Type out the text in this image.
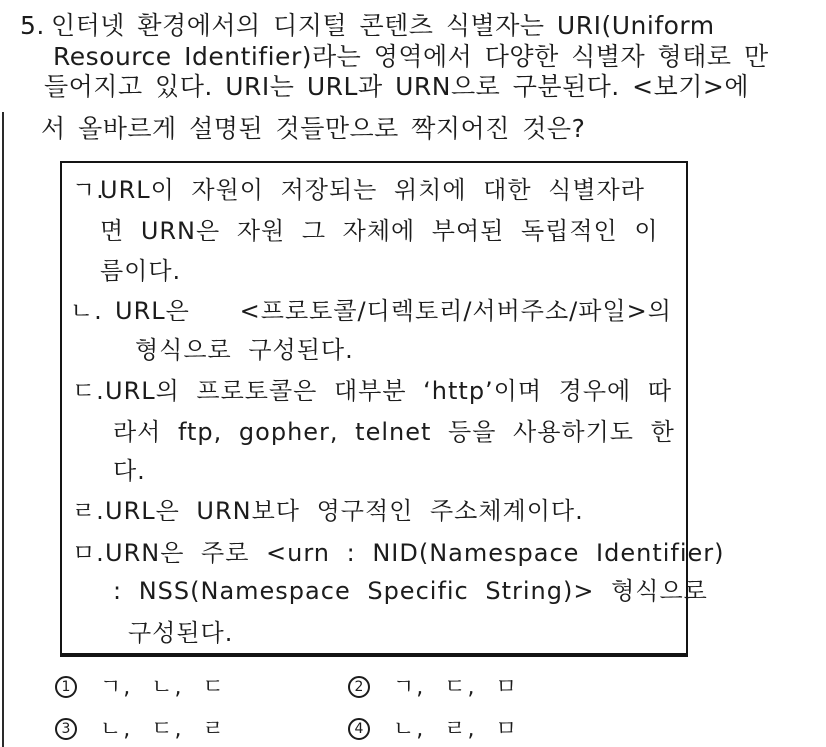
5. 인터넷 환경에서의 디지털 콘텐츠 식별자는 URI(Uniform
Resource Identifier)라는 영역에서 다양한 식별자 형태로 만
들어지고 있다. URI는 URL과 URN으로 구분된다. <보기>에
서 올바르게 설명된 것들만으로 짝지어진 것은?
ㄱ.
URL이 자원이 저장되는 위치에 대한 식별자라
면 URN은 자원 그 자체에 부여된 독립적인 이
름이다.
ㄴ. URL은   <프로토콜/디렉토리/서버주소/파일>의
형식으로 구성된다.
ㄷ. URL의 프로토콜은 대부분 ‘http’이며 경우에 따
라서 ftp, gopher, telnet 등을 사용하기도 한
다.
ㄹ. URL은 URN보다 영구적인 주소체계이다.
ㅁ. URN은 주로 <urn : NID(Namespace Identifier)
: NSS(Namespace Specific String)> 형식으로
구성된다.
1 ㄱ, ㄴ, ㄷ	2 ㄱ, ㄷ, ㅁ
3 ㄴ, ㄷ, ㄹ	4 ㄴ, ㄹ, ㅁ
